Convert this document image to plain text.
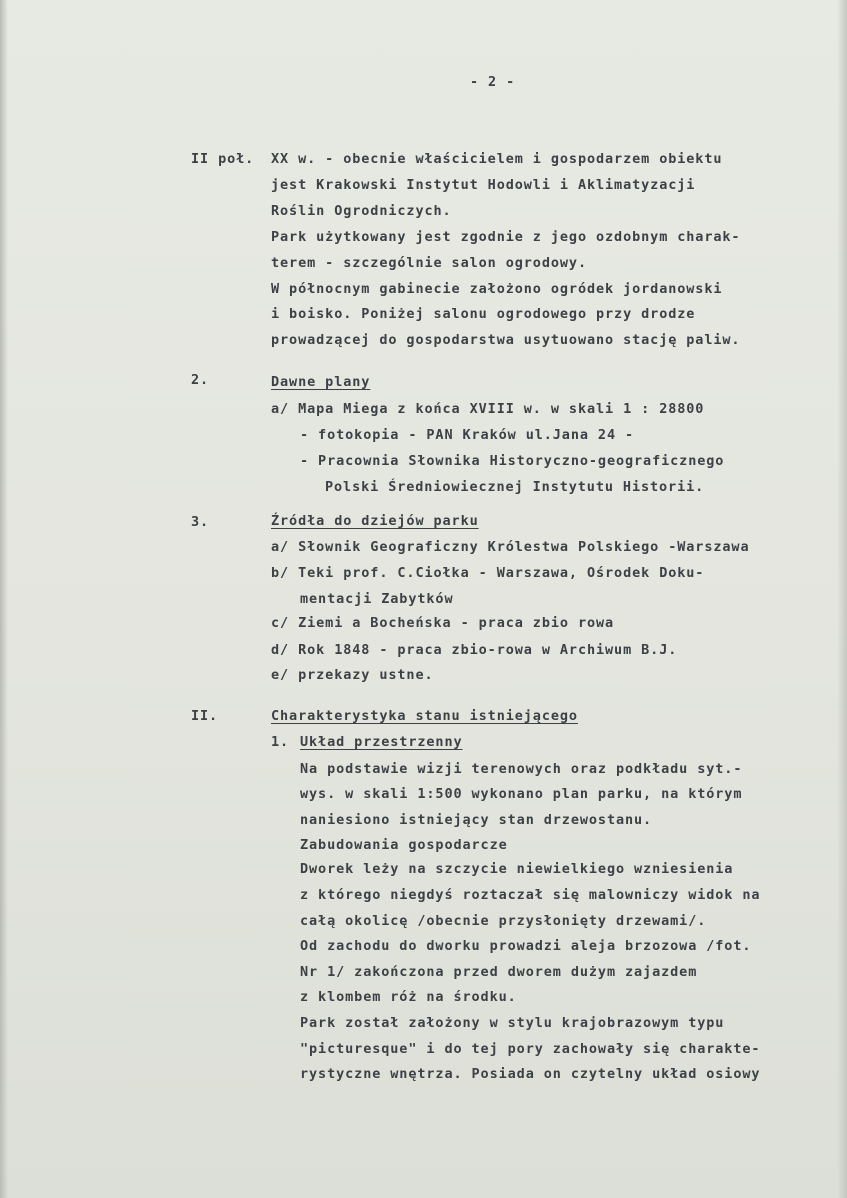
- 2 -

II poł. XX w. - obecnie właścicielem i gospodarzem obiektu

jest Krakowski Instytut Hodowli i Aklimatyzacji

Roślin Ogrodniczych.

Park użytkowany jest zgodnie z jego ozdobnym charak-

terem - szczególnie salon ogrodowy.

W północnym gabinecie założono ogródek jordanowski

i boisko. Poniżej salonu ogrodowego przy drodze

prowadzącej do gospodarstwa usytuowano stację paliw.

2.	Dawne plany

a/ Mapa Miega z końca XVIII w. w skali 1 : 28800

- fotokopia - PAN Kraków ul.Jana 24 -

- Pracownia Słownika Historyczno-geograficznego

Polski Średniowiecznej Instytutu Historii.

3.	Źródła do dziejów parku

a/ Słownik Geograficzny Królestwa Polskiego -Warszawa

b/ Teki prof. C.Ciołka - Warszawa, Ośrodek Doku-

mentacji Zabytków

c/ Ziemi a Bocheńska - praca zbio rowa

d/ Rok 1848 - praca zbio-rowa w Archiwum B.J.

e/ przekazy ustne.

II.	Charakterystyka stanu istniejącego

1. Układ przestrzenny

Na podstawie wizji terenowych oraz podkładu syt.-

wys. w skali 1:500 wykonano plan parku, na którym

naniesiono istniejący stan drzewostanu.

Zabudowania gospodarcze

Dworek leży na szczycie niewielkiego wzniesienia

z którego niegdyś roztaczał się malowniczy widok na

całą okolicę /obecnie przysłonięty drzewami/.

Od zachodu do dworku prowadzi aleja brzozowa /fot.

Nr 1/ zakończona przed dworem dużym zajazdem

z klombem róż na środku.

Park został założony w stylu krajobrazowym typu

"picturesque" i do tej pory zachowały się charakte-

rystyczne wnętrza. Posiada on czytelny układ osiowy
